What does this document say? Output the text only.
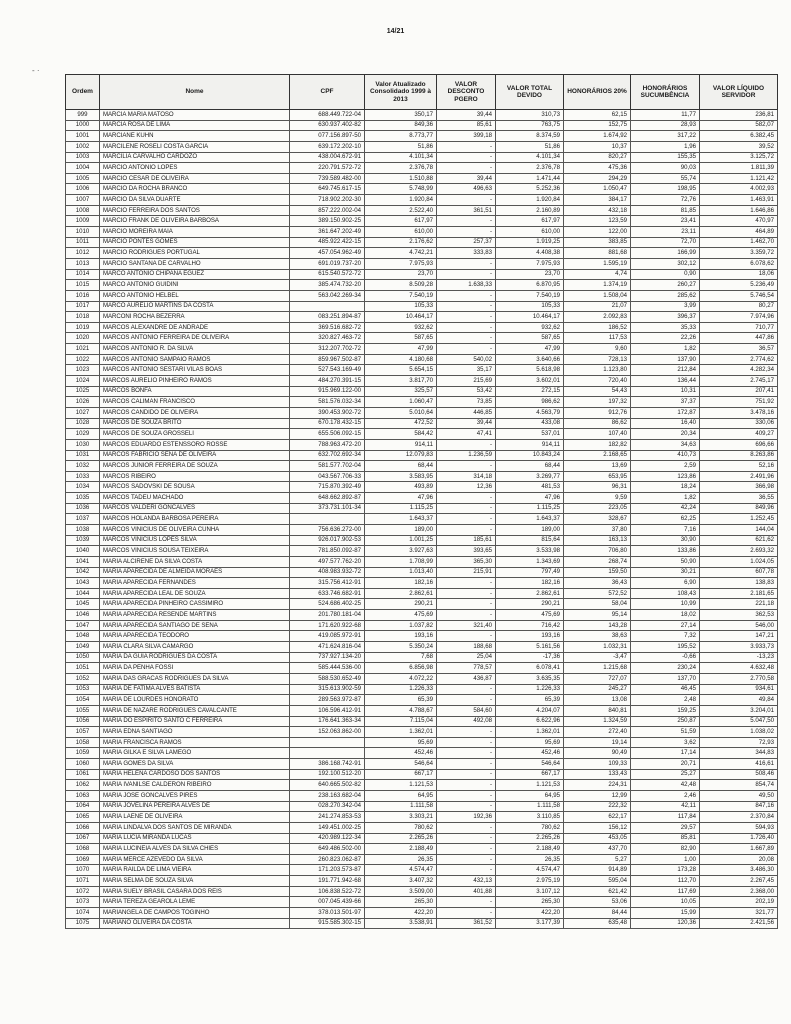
14/21
- ·
Ordem	Nome	CPF	Valor Atualizado Consolidado 1999 à 2013	VALOR DESCONTO PGERO	VALOR TOTAL DEVIDO	HONORÁRIOS 20%	HONORÁRIOS SUCUMBÊNCIA	VALOR LÍQUIDO SERVIDOR
999	MARCIA MARIA MATOSO	688.449.722-04	350,17	39,44	310,73	62,15	11,77	236,81
1000	MARCIA ROSA DE LIMA	630.937.402-82	849,36	85,61	763,75	152,75	28,93	582,07
1001	MARCIANE KUHN	077.156.897-50	8.773,77	399,18	8.374,59	1.674,92	317,22	6.382,45
1002	MARCILENE ROSELI COSTA GARCIA	639.172.202-10	51,86	-	51,86	10,37	1,96	39,52
1003	MARCILIA CARVALHO CARDOZO	438.004.672-91	4.101,34	-	4.101,34	820,27	155,35	3.125,72
1004	MARCIO ANTONIO LOPES	220.791.572-72	2.376,78	-	2.376,78	475,36	90,03	1.811,39
1005	MARCIO CESAR DE OLIVEIRA	739.589.482-00	1.510,88	39,44	1.471,44	294,29	55,74	1.121,42
1006	MARCIO DA ROCHA BRANCO	649.745.617-15	5.748,99	496,63	5.252,36	1.050,47	198,95	4.002,93
1007	MARCIO DA SILVA DUARTE	718.902.202-30	1.920,84	-	1.920,84	384,17	72,76	1.463,91
1008	MARCIO FERREIRA DOS SANTOS	857.222.002-04	2.522,40	361,51	2.160,89	432,18	81,85	1.646,86
1009	MARCIO FRANK DE OLIVEIRA BARBOSA	389.150.902-25	617,97	-	617,97	123,59	23,41	470,97
1010	MARCIO MOREIRA MAIA	361.647.202-49	610,00	-	610,00	122,00	23,11	464,89
1011	MARCIO PONTES GOMES	485.922.422-15	2.176,62	257,37	1.919,25	383,85	72,70	1.462,70
1012	MARCIO RODRIGUES PORTUGAL	457.054.962-49	4.742,21	333,83	4.408,38	881,68	166,99	3.359,72
1013	MARCIO SANTANA DE CARVALHO	691.019.737-20	7.975,93	-	7.975,93	1.595,19	302,12	6.078,62
1014	MARCO ANTONIO CHIPANA EGUEZ	615.540.572-72	23,70	-	23,70	4,74	0,90	18,06
1015	MARCO ANTONIO GUIDINI	385.474.732-20	8.509,28	1.638,33	6.870,95	1.374,19	260,27	5.236,49
1016	MARCO ANTONIO HELBEL	563.042.269-34	7.540,19	-	7.540,19	1.508,04	285,62	5.746,54
1017	MARCO AURELIO MARTINS DA COSTA		105,33	-	105,33	21,07	3,99	80,27
1018	MARCONI ROCHA BEZERRA	083.251.894-87	10.464,17	-	10.464,17	2.092,83	396,37	7.974,96
1019	MARCOS ALEXANDRE DE ANDRADE	369.516.682-72	932,62	-	932,62	186,52	35,33	710,77
1020	MARCOS ANTONIO FERREIRA DE OLIVEIRA	320.827.463-72	587,65	-	587,65	117,53	22,26	447,86
1021	MARCOS ANTONIO R. DA SILVA	312.207.702-72	47,99	-	47,99	9,60	1,82	36,57
1022	MARCOS ANTONIO SAMPAIO RAMOS	859.967.502-87	4.180,68	540,02	3.640,66	728,13	137,90	2.774,62
1023	MARCOS ANTONIO SESTARI VILAS BOAS	527.543.169-49	5.654,15	35,17	5.618,98	1.123,80	212,84	4.282,34
1024	MARCOS AURELIO PINHEIRO RAMOS	484.270.391-15	3.817,70	215,69	3.602,01	720,40	136,44	2.745,17
1025	MARCOS BONFA	915.969.122-00	325,57	53,42	272,15	54,43	10,31	207,41
1026	MARCOS CALIMAN FRANCISCO	581.576.032-34	1.060,47	73,85	986,62	197,32	37,37	751,92
1027	MARCOS CANDIDO DE OLIVEIRA	390.453.902-72	5.010,64	446,85	4.563,79	912,76	172,87	3.478,16
1028	MARCOS DE SOUZA BRITO	670.178.432-15	472,52	39,44	433,08	86,62	16,40	330,06
1029	MARCOS DE SOUZA GROSSELI	655.506.092-15	584,42	47,41	537,01	107,40	20,34	409,27
1030	MARCOS EDUARDO ESTENSSORO ROSSE	788.963.472-20	914,11	-	914,11	182,82	34,63	696,66
1031	MARCOS FABRICIO SENA DE OLIVEIRA	632.702.692-34	12.079,83	1.236,59	10.843,24	2.168,65	410,73	8.263,86
1032	MARCOS JUNIOR FERREIRA DE SOUZA	581.577.702-04	68,44	-	68,44	13,69	2,59	52,16
1033	MARCOS RIBEIRO	043.567.706-33	3.583,95	314,18	3.269,77	653,95	123,86	2.491,96
1034	MARCOS SADOVSKI DE SOUSA	715.870.392-49	493,89	12,36	481,53	96,31	18,24	366,98
1035	MARCOS TADEU MACHADO	648.662.892-87	47,96	-	47,96	9,59	1,82	36,55
1036	MARCOS VALDERI GONCALVES	373.731.101-34	1.115,25	-	1.115,25	223,05	42,24	849,96
1037	MARCOS HOLANDA BARBOSA PEREIRA		1.643,37	-	1.643,37	328,67	62,25	1.252,45
1038	MARCOS VINICIUS DE OLIVEIRA CUNHA	756.636.272-00	189,00	-	189,00	37,80	7,16	144,04
1039	MARCOS VINICIUS LOPES SILVA	926.017.902-53	1.001,25	185,61	815,64	163,13	30,90	621,62
1040	MARCOS VINICIUS SOUSA TEIXEIRA	781.850.092-87	3.927,63	393,65	3.533,98	706,80	133,86	2.693,32
1041	MARIA ALCIRENE DA SILVA COSTA	497.577.762-20	1.708,99	365,30	1.343,69	268,74	50,90	1.024,05
1042	MARIA APARECIDA DE ALMEIDA MORAES	408.983.932-72	1.013,40	215,91	797,49	159,50	30,21	607,78
1043	MARIA APARECIDA FERNANDES	315.756.412-91	182,16	-	182,16	36,43	6,90	138,83
1044	MARIA APARECIDA LEAL DE SOUZA	633.746.682-91	2.862,61	-	2.862,61	572,52	108,43	2.181,65
1045	MARIA APARECIDA PINHEIRO CASSIMIRO	524.686.402-25	290,21	-	290,21	58,04	10,99	221,18
1046	MARIA APARECIDA RESENDE MARTINS	201.780.181-04	475,69	-	475,69	95,14	18,02	362,53
1047	MARIA APARECIDA SANTIAGO DE SENA	171.620.922-68	1.037,82	321,40	716,42	143,28	27,14	546,00
1048	MARIA APARECIDA TEODORO	419.085.972-91	193,16	-	193,16	38,63	7,32	147,21
1049	MARIA CLARA SILVA CAMARGO	471.624.816-04	5.350,24	188,68	5.161,56	1.032,31	195,52	3.933,73
1050	MARIA DA GUIA RODRIGUES DA COSTA	737.927.134-20	7,68	25,04	-17,36	-3,47	-0,66	-13,23
1051	MARIA DA PENHA FOSSI	585.444.536-00	6.856,98	778,57	6.078,41	1.215,68	230,24	4.632,48
1052	MARIA DAS GRACAS RODRIGUES DA SILVA	588.530.652-49	4.072,22	436,87	3.635,35	727,07	137,70	2.770,58
1053	MARIA DE FATIMA ALVES BATISTA	315.613.902-59	1.226,33	-	1.226,33	245,27	46,45	934,61
1054	MARIA DE LOURDES HONORATO	289.563.972-87	65,39	-	65,39	13,08	2,48	49,84
1055	MARIA DE NAZARE RODRIGUES CAVALCANTE	106.596.412-91	4.788,67	584,60	4.204,07	840,81	159,25	3.204,01
1056	MARIA DO ESPIRITO SANTO C FERREIRA	176.641.363-34	7.115,04	492,08	6.622,96	1.324,59	250,87	5.047,50
1057	MARIA EDNA SANTIAGO	152.063.862-00	1.362,01	-	1.362,01	272,40	51,59	1.038,02
1058	MARIA FRANCISCA RAMOS		95,69	-	95,69	19,14	3,62	72,93
1059	MARIA GILKA E SILVA LAMEGO		452,46	-	452,46	90,49	17,14	344,83
1060	MARIA GOMES DA SILVA	386.168.742-91	546,64	-	546,64	109,33	20,71	416,61
1061	MARIA HELENA CARDOSO DOS SANTOS	192.100.512-20	667,17	-	667,17	133,43	25,27	508,46
1062	MARIA IVANILSE CALDERON RIBEIRO	640.665.502-82	1.121,53	-	1.121,53	224,31	42,48	854,74
1063	MARIA JOSE GONCALVES PIRES	238.163.682-04	64,95	-	64,95	12,99	2,46	49,50
1064	MARIA JOVELINA PEREIRA ALVES DE	028.270.342-04	1.111,58	-	1.111,58	222,32	42,11	847,16
1065	MARIA LAENE DE OLIVEIRA	241.274.853-53	3.303,21	192,36	3.110,85	622,17	117,84	2.370,84
1066	MARIA LINDALVA DOS SANTOS DE MIRANDA	149.451.002-25	780,62	-	780,62	156,12	29,57	594,93
1067	MARIA LUCIA MIRANDA LUCAS	420.989.122-34	2.265,26	-	2.265,26	453,05	85,81	1.726,40
1068	MARIA LUCINEIA ALVES DA SILVA CHIES	649.486.502-00	2.188,49	-	2.188,49	437,70	82,90	1.667,89
1069	MARIA MERCE AZEVEDO DA SILVA	260.823.062-87	26,35	-	26,35	5,27	1,00	20,08
1070	MARIA RAILDA DE LIMA VIEIRA	171.203.573-87	4.574,47	-	4.574,47	914,89	173,28	3.486,30
1071	MARIA SELMA DE SOUZA SILVA	191.771.942-68	3.407,32	432,13	2.975,19	595,04	112,70	2.267,45
1072	MARIA SUELY BRASIL CASARA DOS REIS	106.838.522-72	3.509,00	401,88	3.107,12	621,42	117,69	2.368,00
1073	MARIA TEREZA GEAROLA LEME	007.045.439-66	265,30	-	265,30	53,06	10,05	202,19
1074	MARIANGELA DE CAMPOS TOGINHO	378.013.501-97	422,20	-	422,20	84,44	15,99	321,77
1075	MARIANO OLIVEIRA DA COSTA	915.585.302-15	3.538,91	361,52	3.177,39	635,48	120,36	2.421,56
